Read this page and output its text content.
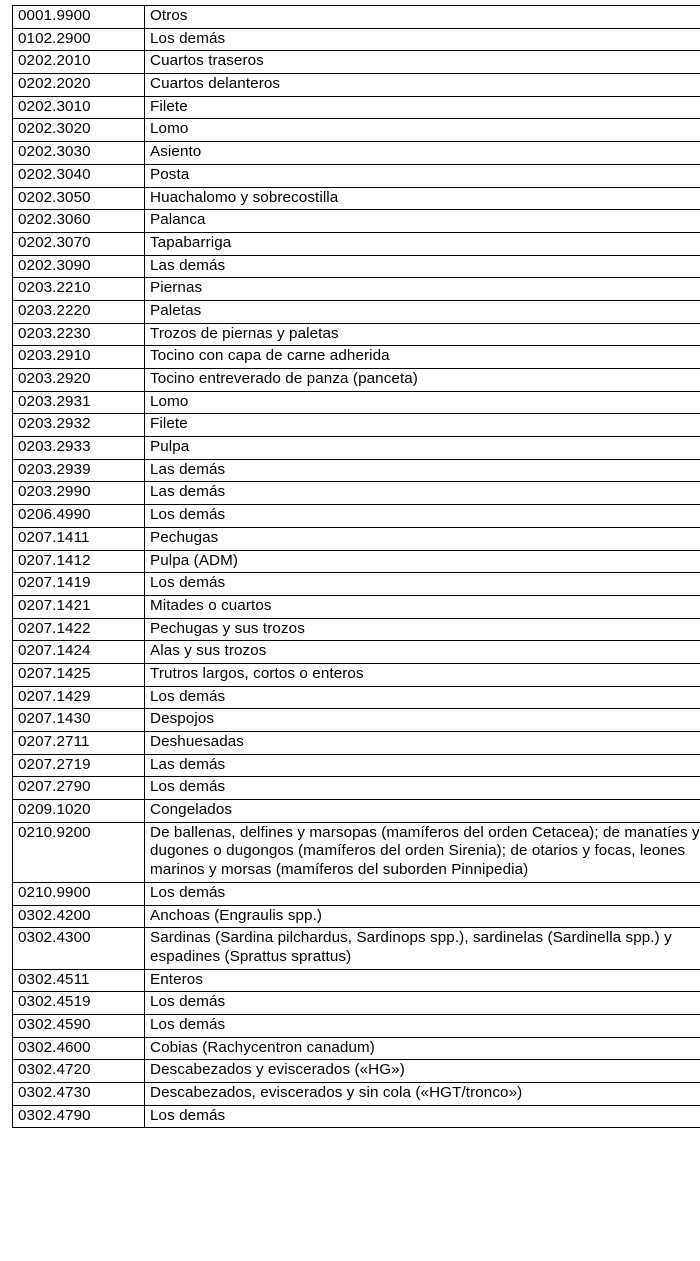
0001.9900	Otros
0102.2900	Los demás
0202.2010	Cuartos traseros
0202.2020	Cuartos delanteros
0202.3010	Filete
0202.3020	Lomo
0202.3030	Asiento
0202.3040	Posta
0202.3050	Huachalomo y sobrecostilla
0202.3060	Palanca
0202.3070	Tapabarriga
0202.3090	Las demás
0203.2210	Piernas
0203.2220	Paletas
0203.2230	Trozos de piernas y paletas
0203.2910	Tocino con capa de carne adherida
0203.2920	Tocino entreverado de panza (panceta)
0203.2931	Lomo
0203.2932	Filete
0203.2933	Pulpa
0203.2939	Las demás
0203.2990	Las demás
0206.4990	Los demás
0207.1411	Pechugas
0207.1412	Pulpa (ADM)
0207.1419	Los demás
0207.1421	Mitades o cuartos
0207.1422	Pechugas y sus trozos
0207.1424	Alas y sus trozos
0207.1425	Trutros largos, cortos o enteros
0207.1429	Los demás
0207.1430	Despojos
0207.2711	Deshuesadas
0207.2719	Las demás
0207.2790	Los demás
0209.1020	Congelados
0210.9200	De ballenas, delfines y marsopas (mamíferos del orden Cetacea); de manatíes y dugones o dugongos (mamíferos del orden Sirenia); de otarios y focas, leones marinos y morsas (mamíferos del suborden Pinnipedia)
0210.9900	Los demás
0302.4200	Anchoas (Engraulis spp.)
0302.4300	Sardinas (Sardina pilchardus, Sardinops spp.), sardinelas (Sardinella spp.) y espadines (Sprattus sprattus)
0302.4511	Enteros
0302.4519	Los demás
0302.4590	Los demás
0302.4600	Cobias (Rachycentron canadum)
0302.4720	Descabezados y eviscerados («HG»)
0302.4730	Descabezados, eviscerados y sin cola («HGT/tronco»)
0302.4790	Los demás
